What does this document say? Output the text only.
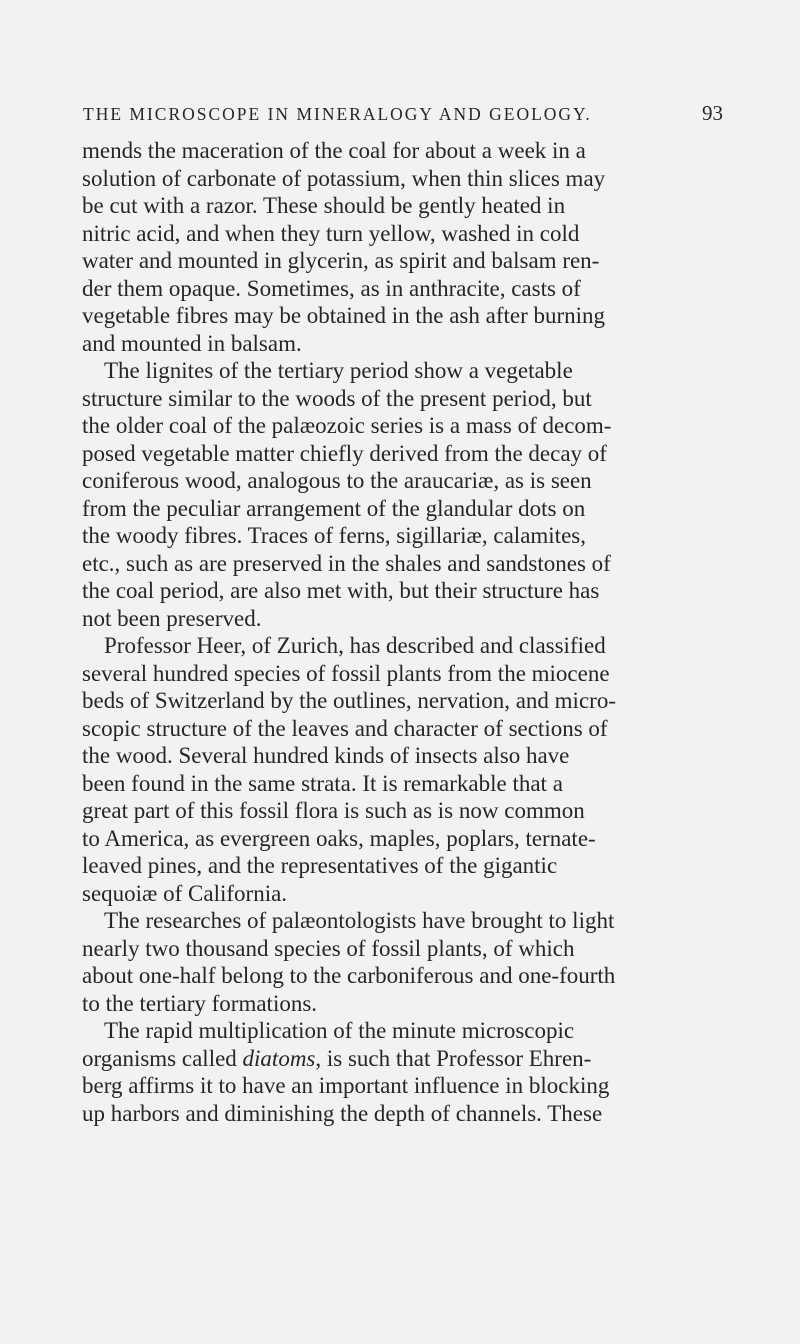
THE MICROSCOPE IN MINERALOGY AND GEOLOGY.	93
mends the maceration of the coal for about a week in a
solution of carbonate of potassium, when thin slices may
be cut with a razor. These should be gently heated in
nitric acid, and when they turn yellow, washed in cold
water and mounted in glycerin, as spirit and balsam ren-
der them opaque. Sometimes, as in anthracite, casts of
vegetable fibres may be obtained in the ash after burning
and mounted in balsam.
The lignites of the tertiary period show a vegetable
structure similar to the woods of the present period, but
the older coal of the palæozoic series is a mass of decom-
posed vegetable matter chiefly derived from the decay of
coniferous wood, analogous to the araucariæ, as is seen
from the peculiar arrangement of the glandular dots on
the woody fibres. Traces of ferns, sigillariæ, calamites,
etc., such as are preserved in the shales and sandstones of
the coal period, are also met with, but their structure has
not been preserved.
Professor Heer, of Zurich, has described and classified
several hundred species of fossil plants from the miocene
beds of Switzerland by the outlines, nervation, and micro-
scopic structure of the leaves and character of sections of
the wood. Several hundred kinds of insects also have
been found in the same strata. It is remarkable that a
great part of this fossil flora is such as is now common
to America, as evergreen oaks, maples, poplars, ternate-
leaved pines, and the representatives of the gigantic
sequoiæ of California.
The researches of palæontologists have brought to light
nearly two thousand species of fossil plants, of which
about one-half belong to the carboniferous and one-fourth
to the tertiary formations.
The rapid multiplication of the minute microscopic
organisms called diatoms, is such that Professor Ehren-
berg affirms it to have an important influence in blocking
up harbors and diminishing the depth of channels. These
